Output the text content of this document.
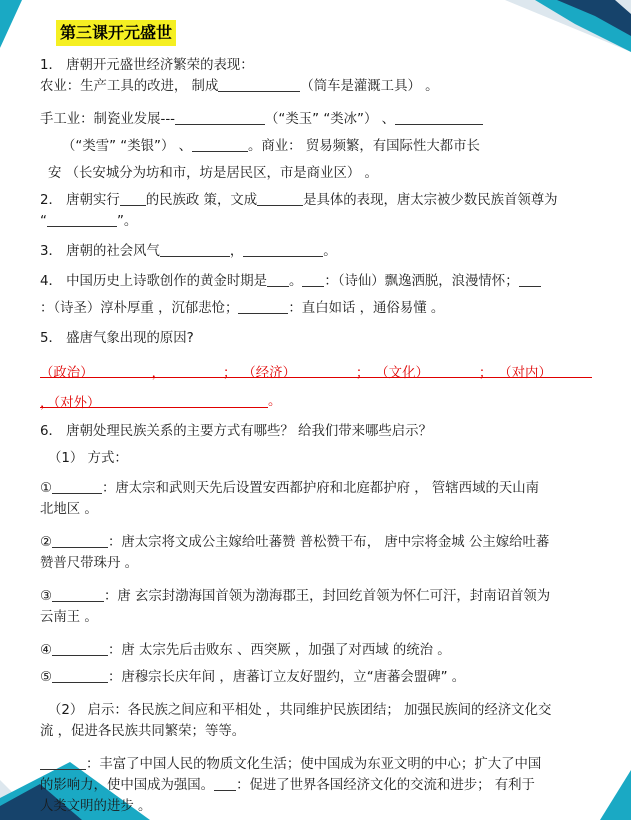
第三课开元盛世
1． 唐朝开元盛世经济繁荣的表现：
农业：生产工具的改进， 制成	（筒车是灌溉工具） 。
手工业：制瓷业发展---	（“类玉” “类冰”） 、
（“类雪” “类银”） 、	。商业： 贸易频繁，有国际性大都市长
安 （长安城分为坊和市，坊是居民区，市是商业区） 。
2． 唐朝实行 的民族政 策，文成	是具体的表现，唐太宗被少数民族首领尊为
“	”。
3． 唐朝的社会风气	，	。
4． 中国历史上诗歌创作的黄金时期是 。 ：（诗仙）飘逸洒脱，浪漫情怀；
：（诗圣）淳朴厚重 ，沉郁悲怆；	：直白如话 ，通俗易懂 。
5． 盛唐气象出现的原因?
（政治）	，	； （经济）	； （文化）	； （对内）
，（对外）	。
6． 唐朝处理民族关系的主要方式有哪些？ 给我们带来哪些启示？
（1） 方式：
①	：唐太宗和武则天先后设置安西都护府和北庭都护府 ， 管辖西域的天山南
北地区 。
②	：唐太宗将文成公主嫁给吐蕃赞 普松赞干布， 唐中宗将金城 公主嫁给吐蕃
赞普尺带珠丹 。
③	：唐 玄宗封渤海国首领为渤海郡王，封回纥首领为怀仁可汗，封南诏首领为
云南王 。
④	：唐 太宗先后击败东 、西突厥 ，加强了对西域 的统治 。
⑤	：唐穆宗长庆年间 ，唐蕃订立友好盟约，立“唐蕃会盟碑” 。
（2） 启示：各民族之间应和平相处 ，共同维护民族团结； 加强民族间的经济文化交
流 ，促进各民族共同繁荣；等等。
：丰富了中国人民的物质文化生活；使中国成为东亚文明的中心；扩大了中国
的影响力，使中国成为强国。 ：促进了世界各国经济文化的交流和进步； 有利于
人类文明的进步 。
